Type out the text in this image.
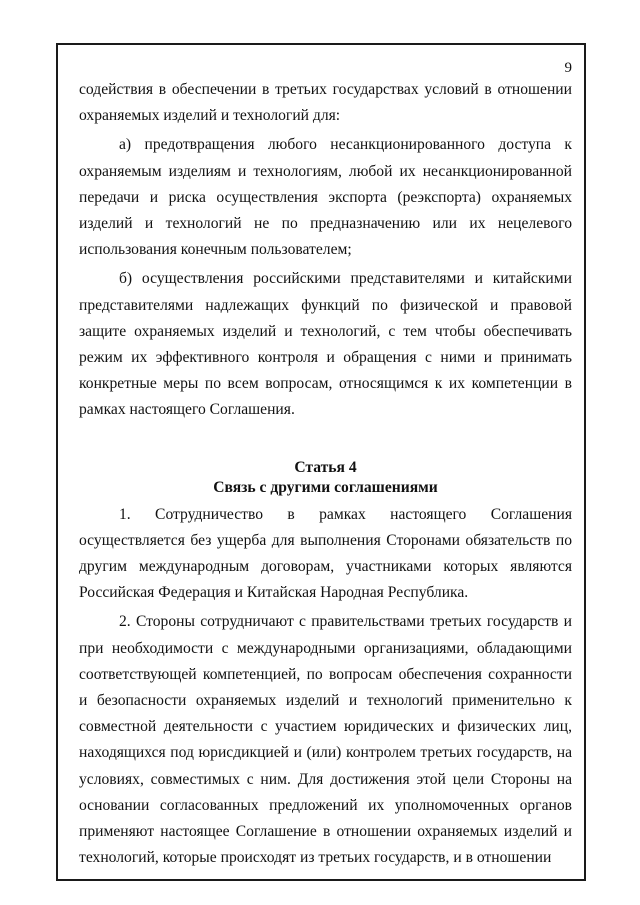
9

содействия в обеспечении в третьих государствах условий в отношении охраняемых изделий и технологий для:

а) предотвращения любого несанкционированного доступа к охраняемым изделиям и технологиям, любой их несанкционированной передачи и риска осуществления экспорта (реэкспорта) охраняемых изделий и технологий не по предназначению или их нецелевого использования конечным пользователем;

б) осуществления российскими представителями и китайскими представителями надлежащих функций по физической и правовой защите охраняемых изделий и технологий, с тем чтобы обеспечивать режим их эффективного контроля и обращения с ними и принимать конкретные меры по всем вопросам, относящимся к их компетенции в рамках настоящего Соглашения.

Статья 4

Связь с другими соглашениями

1. Сотрудничество в рамках настоящего Соглашения осуществляется без ущерба для выполнения Сторонами обязательств по другим международным договорам, участниками которых являются Российская Федерация и Китайская Народная Республика.

2. Стороны сотрудничают с правительствами третьих государств и при необходимости с международными организациями, обладающими соответствующей компетенцией, по вопросам обеспечения сохранности и безопасности охраняемых изделий и технологий применительно к совместной деятельности с участием юридических и физических лиц, находящихся под юрисдикцией и (или) контролем третьих государств, на условиях, совместимых с ним. Для достижения этой цели Стороны на основании согласованных предложений их уполномоченных органов применяют настоящее Соглашение в отношении охраняемых изделий и технологий, которые происходят из третьих государств, и в отношении
